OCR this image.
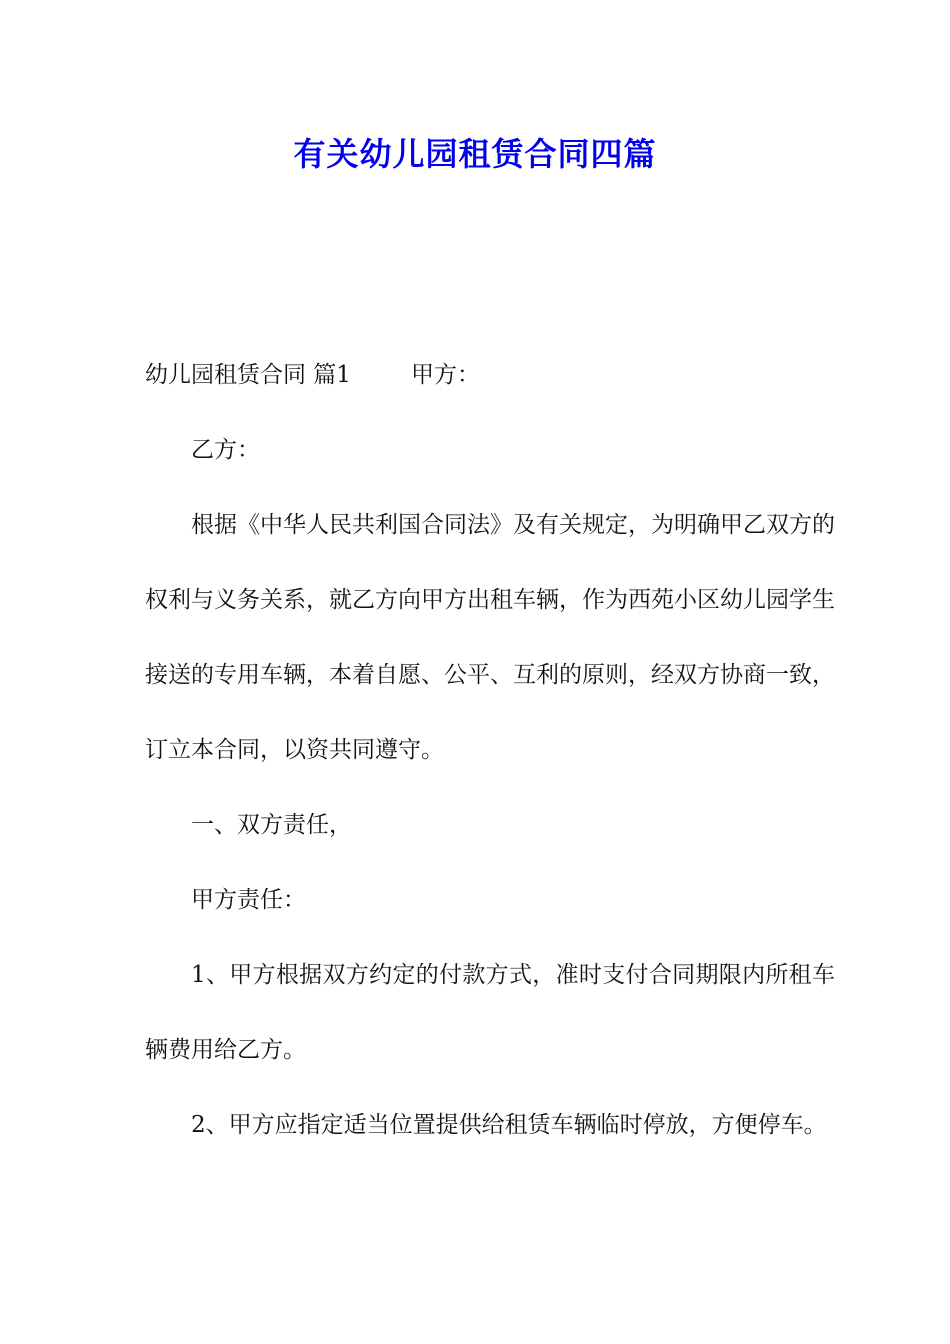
有关幼儿园租赁合同四篇

幼儿园租赁合同 篇1	甲方：

乙方：

根据《中华人民共利国合同法》及有关规定，为明确甲乙双方的权利与义务关系，就乙方向甲方出租车辆，作为西苑小区幼儿园学生接送的专用车辆，本着自愿、公平、互利的原则，经双方协商一致，订立本合同，以资共同遵守。

一、双方责任，

甲方责任：

1、甲方根据双方约定的付款方式，准时支付合同期限内所租车辆费用给乙方。

2、甲方应指定适当位置提供给租赁车辆临时停放，方便停车。
